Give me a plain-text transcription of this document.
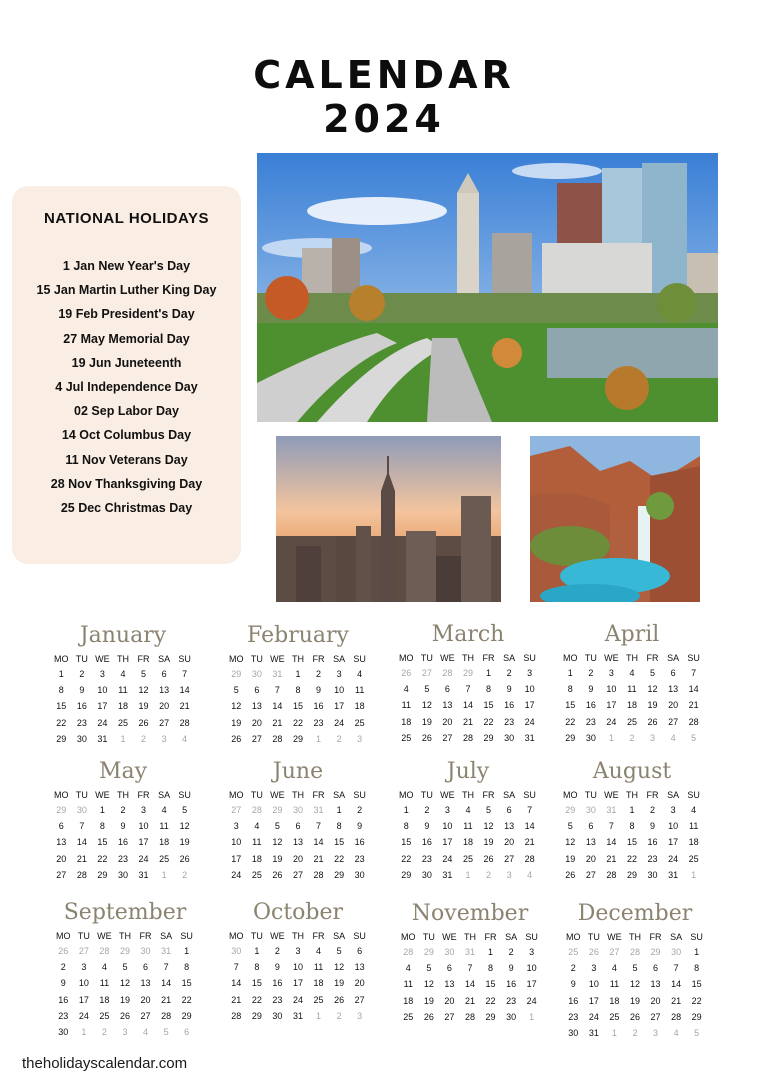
CALENDAR
2024
NATIONAL HOLIDAYS
1 Jan New Year's Day
15 Jan Martin Luther King Day
19 Feb President's Day
27 May Memorial Day
19 Jun Juneteenth
4 Jul Independence Day
02 Sep Labor Day
14 Oct Columbus Day
11 Nov Veterans Day
28 Nov Thanksgiving Day
25 Dec Christmas Day
January
MO	TU	WE	TH	FR	SA	SU
1	2	3	4	5	6	7
8	9	10	11	12	13	14
15	16	17	18	19	20	21
22	23	24	25	26	27	28
29	30	31	1	2	3	4
February
MO	TU	WE	TH	FR	SA	SU
29	30	31	1	2	3	4
5	6	7	8	9	10	11
12	13	14	15	16	17	18
19	20	21	22	23	24	25
26	27	28	29	1	2	3
March
MO	TU	WE	TH	FR	SA	SU
26	27	28	29	1	2	3
4	5	6	7	8	9	10
11	12	13	14	15	16	17
18	19	20	21	22	23	24
25	26	27	28	29	30	31
April
MO	TU	WE	TH	FR	SA	SU
1	2	3	4	5	6	7
8	9	10	11	12	13	14
15	16	17	18	19	20	21
22	23	24	25	26	27	28
29	30	1	2	3	4	5
May
MO	TU	WE	TH	FR	SA	SU
29	30	1	2	3	4	5
6	7	8	9	10	11	12
13	14	15	16	17	18	19
20	21	22	23	24	25	26
27	28	29	30	31	1	2
June
MO	TU	WE	TH	FR	SA	SU
27	28	29	30	31	1	2
3	4	5	6	7	8	9
10	11	12	13	14	15	16
17	18	19	20	21	22	23
24	25	26	27	28	29	30
July
MO	TU	WE	TH	FR	SA	SU
1	2	3	4	5	6	7
8	9	10	11	12	13	14
15	16	17	18	19	20	21
22	23	24	25	26	27	28
29	30	31	1	2	3	4
August
MO	TU	WE	TH	FR	SA	SU
29	30	31	1	2	3	4
5	6	7	8	9	10	11
12	13	14	15	16	17	18
19	20	21	22	23	24	25
26	27	28	29	30	31	1
September
MO	TU	WE	TH	FR	SA	SU
26	27	28	29	30	31	1
2	3	4	5	6	7	8
9	10	11	12	13	14	15
16	17	18	19	20	21	22
23	24	25	26	27	28	29
30	1	2	3	4	5	6
October
MO	TU	WE	TH	FR	SA	SU
30	1	2	3	4	5	6
7	8	9	10	11	12	13
14	15	16	17	18	19	20
21	22	23	24	25	26	27
28	29	30	31	1	2	3
November
MO	TU	WE	TH	FR	SA	SU
28	29	30	31	1	2	3
4	5	6	7	8	9	10
11	12	13	14	15	16	17
18	19	20	21	22	23	24
25	26	27	28	29	30	1
December
MO	TU	WE	TH	FR	SA	SU
25	26	27	28	29	30	1
2	3	4	5	6	7	8
9	10	11	12	13	14	15
16	17	18	19	20	21	22
23	24	25	26	27	28	29
30	31	1	2	3	4	5
theholidayscalendar.com
